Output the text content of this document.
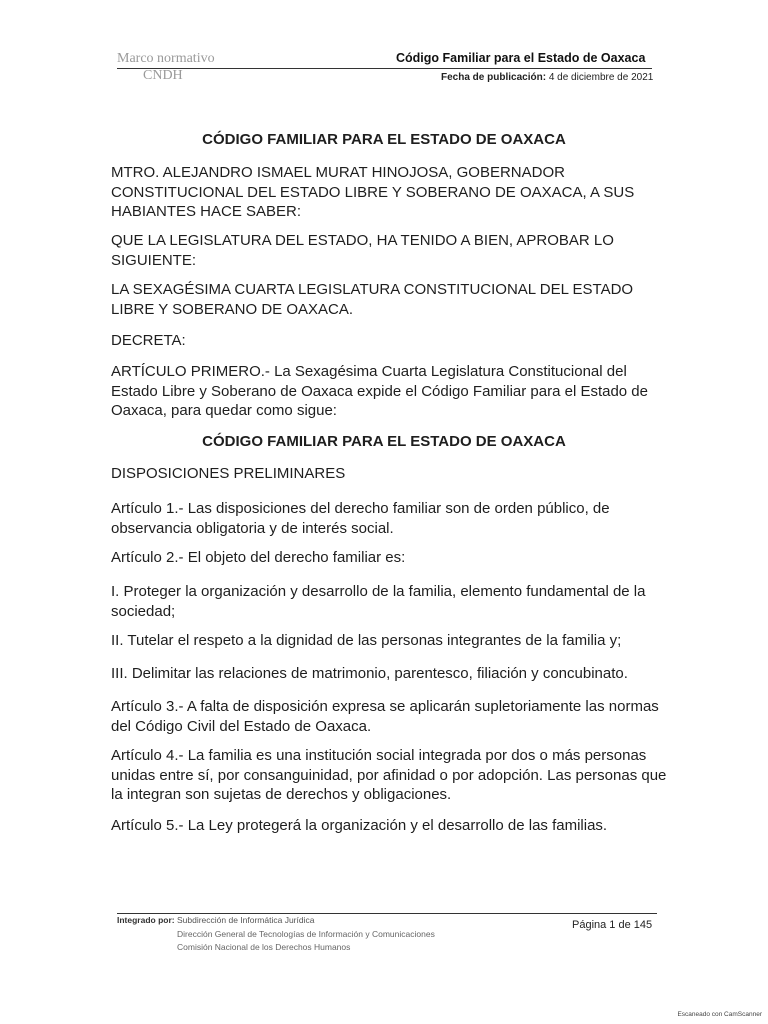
Marco normativo
CNDH
Código Familiar para el Estado de Oaxaca
Fecha de publicación: 4 de diciembre de 2021

CÓDIGO FAMILIAR PARA EL ESTADO DE OAXACA

MTRO. ALEJANDRO ISMAEL MURAT HINOJOSA, GOBERNADOR CONSTITUCIONAL DEL ESTADO LIBRE Y SOBERANO DE OAXACA, A SUS HABIANTES HACE SABER:

QUE LA LEGISLATURA DEL ESTADO, HA TENIDO A BIEN, APROBAR LO SIGUIENTE:

LA SEXAGÉSIMA CUARTA LEGISLATURA CONSTITUCIONAL DEL ESTADO LIBRE Y SOBERANO DE OAXACA.

DECRETA:

ARTÍCULO PRIMERO.- La Sexagésima Cuarta Legislatura Constitucional del Estado Libre y Soberano de Oaxaca expide el Código Familiar para el Estado de Oaxaca, para quedar como sigue:

CÓDIGO FAMILIAR PARA EL ESTADO DE OAXACA

DISPOSICIONES PRELIMINARES

Artículo 1.- Las disposiciones del derecho familiar son de orden público, de observancia obligatoria y de interés social.

Artículo 2.- El objeto del derecho familiar es:

I. Proteger la organización y desarrollo de la familia, elemento fundamental de la sociedad;

II. Tutelar el respeto a la dignidad de las personas integrantes de la familia y;

III. Delimitar las relaciones de matrimonio, parentesco, filiación y concubinato.

Artículo 3.- A falta de disposición expresa se aplicarán supletoriamente las normas del Código Civil del Estado de Oaxaca.

Artículo 4.- La familia es una institución social integrada por dos o más personas unidas entre sí, por consanguinidad, por afinidad o por adopción. Las personas que la integran son sujetas de derechos y obligaciones.

Artículo 5.- La Ley protegerá la organización y el desarrollo de las familias.

Integrado por: Subdirección de Informática Jurídica
Dirección General de Tecnologías de Información y Comunicaciones
Comisión Nacional de los Derechos Humanos
Página 1 de 145
Escaneado con CamScanner
